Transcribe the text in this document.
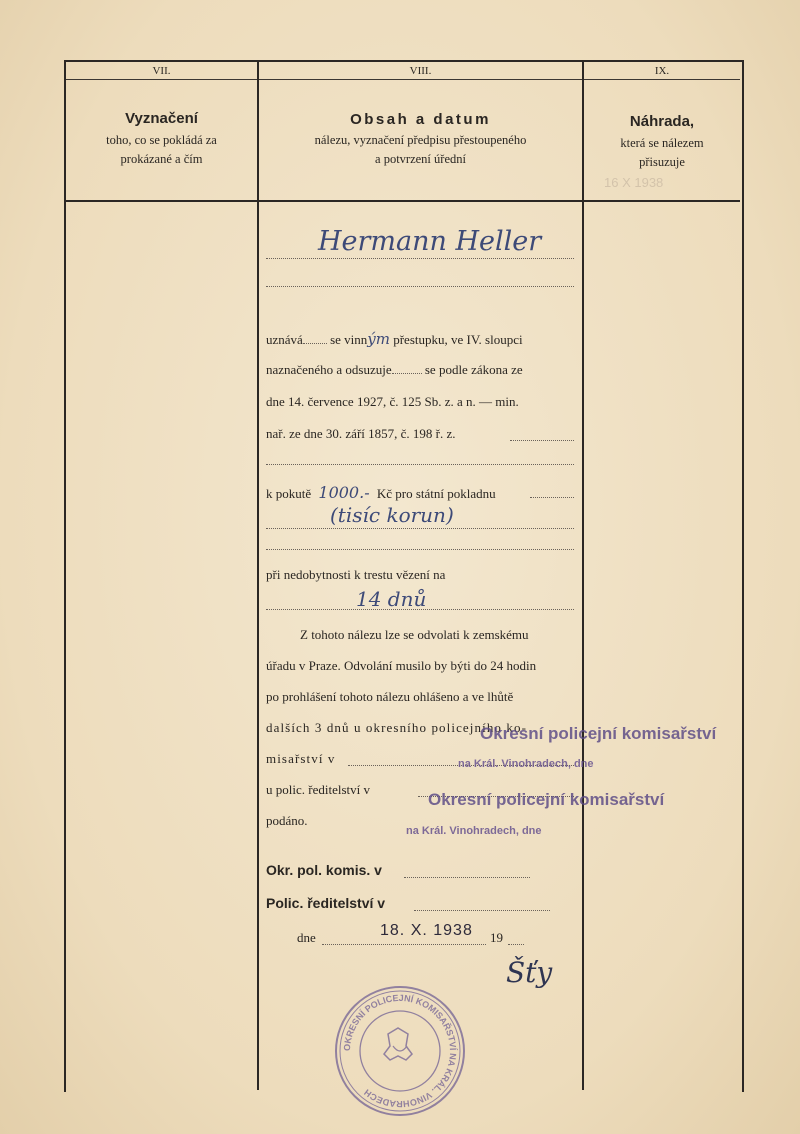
VII.	VIII.	IX.
Vyznačení
toho, co se pokládá za
prokázané a čím
Obsah a datum
nálezu, vyznačení předpisu přestoupeného
a potvrzení úřední
Náhrada,
která se nálezem
přisuzuje
16 X 1938
Hermann Heller
uznává se vinným přestupku, ve IV. sloupci
naznačeného a odsuzuje	se podle zákona ze
dne 14. července 1927, č. 125 Sb. z. a n. — min.
nař. ze dne 30. září 1857, č. 198 ř. z.
k pokutě 1000.- Kč pro státní pokladnu
(tisíc korun)
při nedobytnosti k trestu vězení na
14 dnů
Z tohoto nálezu lze se odvolati k zemskému
úřadu v Praze. Odvolání musilo by býti do 24 hodin
po prohlášení tohoto nálezu ohlášeno a ve lhůtě
dalších 3 dnů u okresního policejního ko-
misařství v
u polic. ředitelství v
podáno.
Okresní policejní komisařství
na Král. Vinohradech, dne
Okresní policejní komisařství
na Král. Vinohradech, dne
Okr. pol. komis. v
Polic. ředitelství v
dne	18. X. 1938 19
Šťy
OKRESNÍ POLICEJNÍ KOMISAŘSTVÍ NA KRÁL. VINOHRADECH
